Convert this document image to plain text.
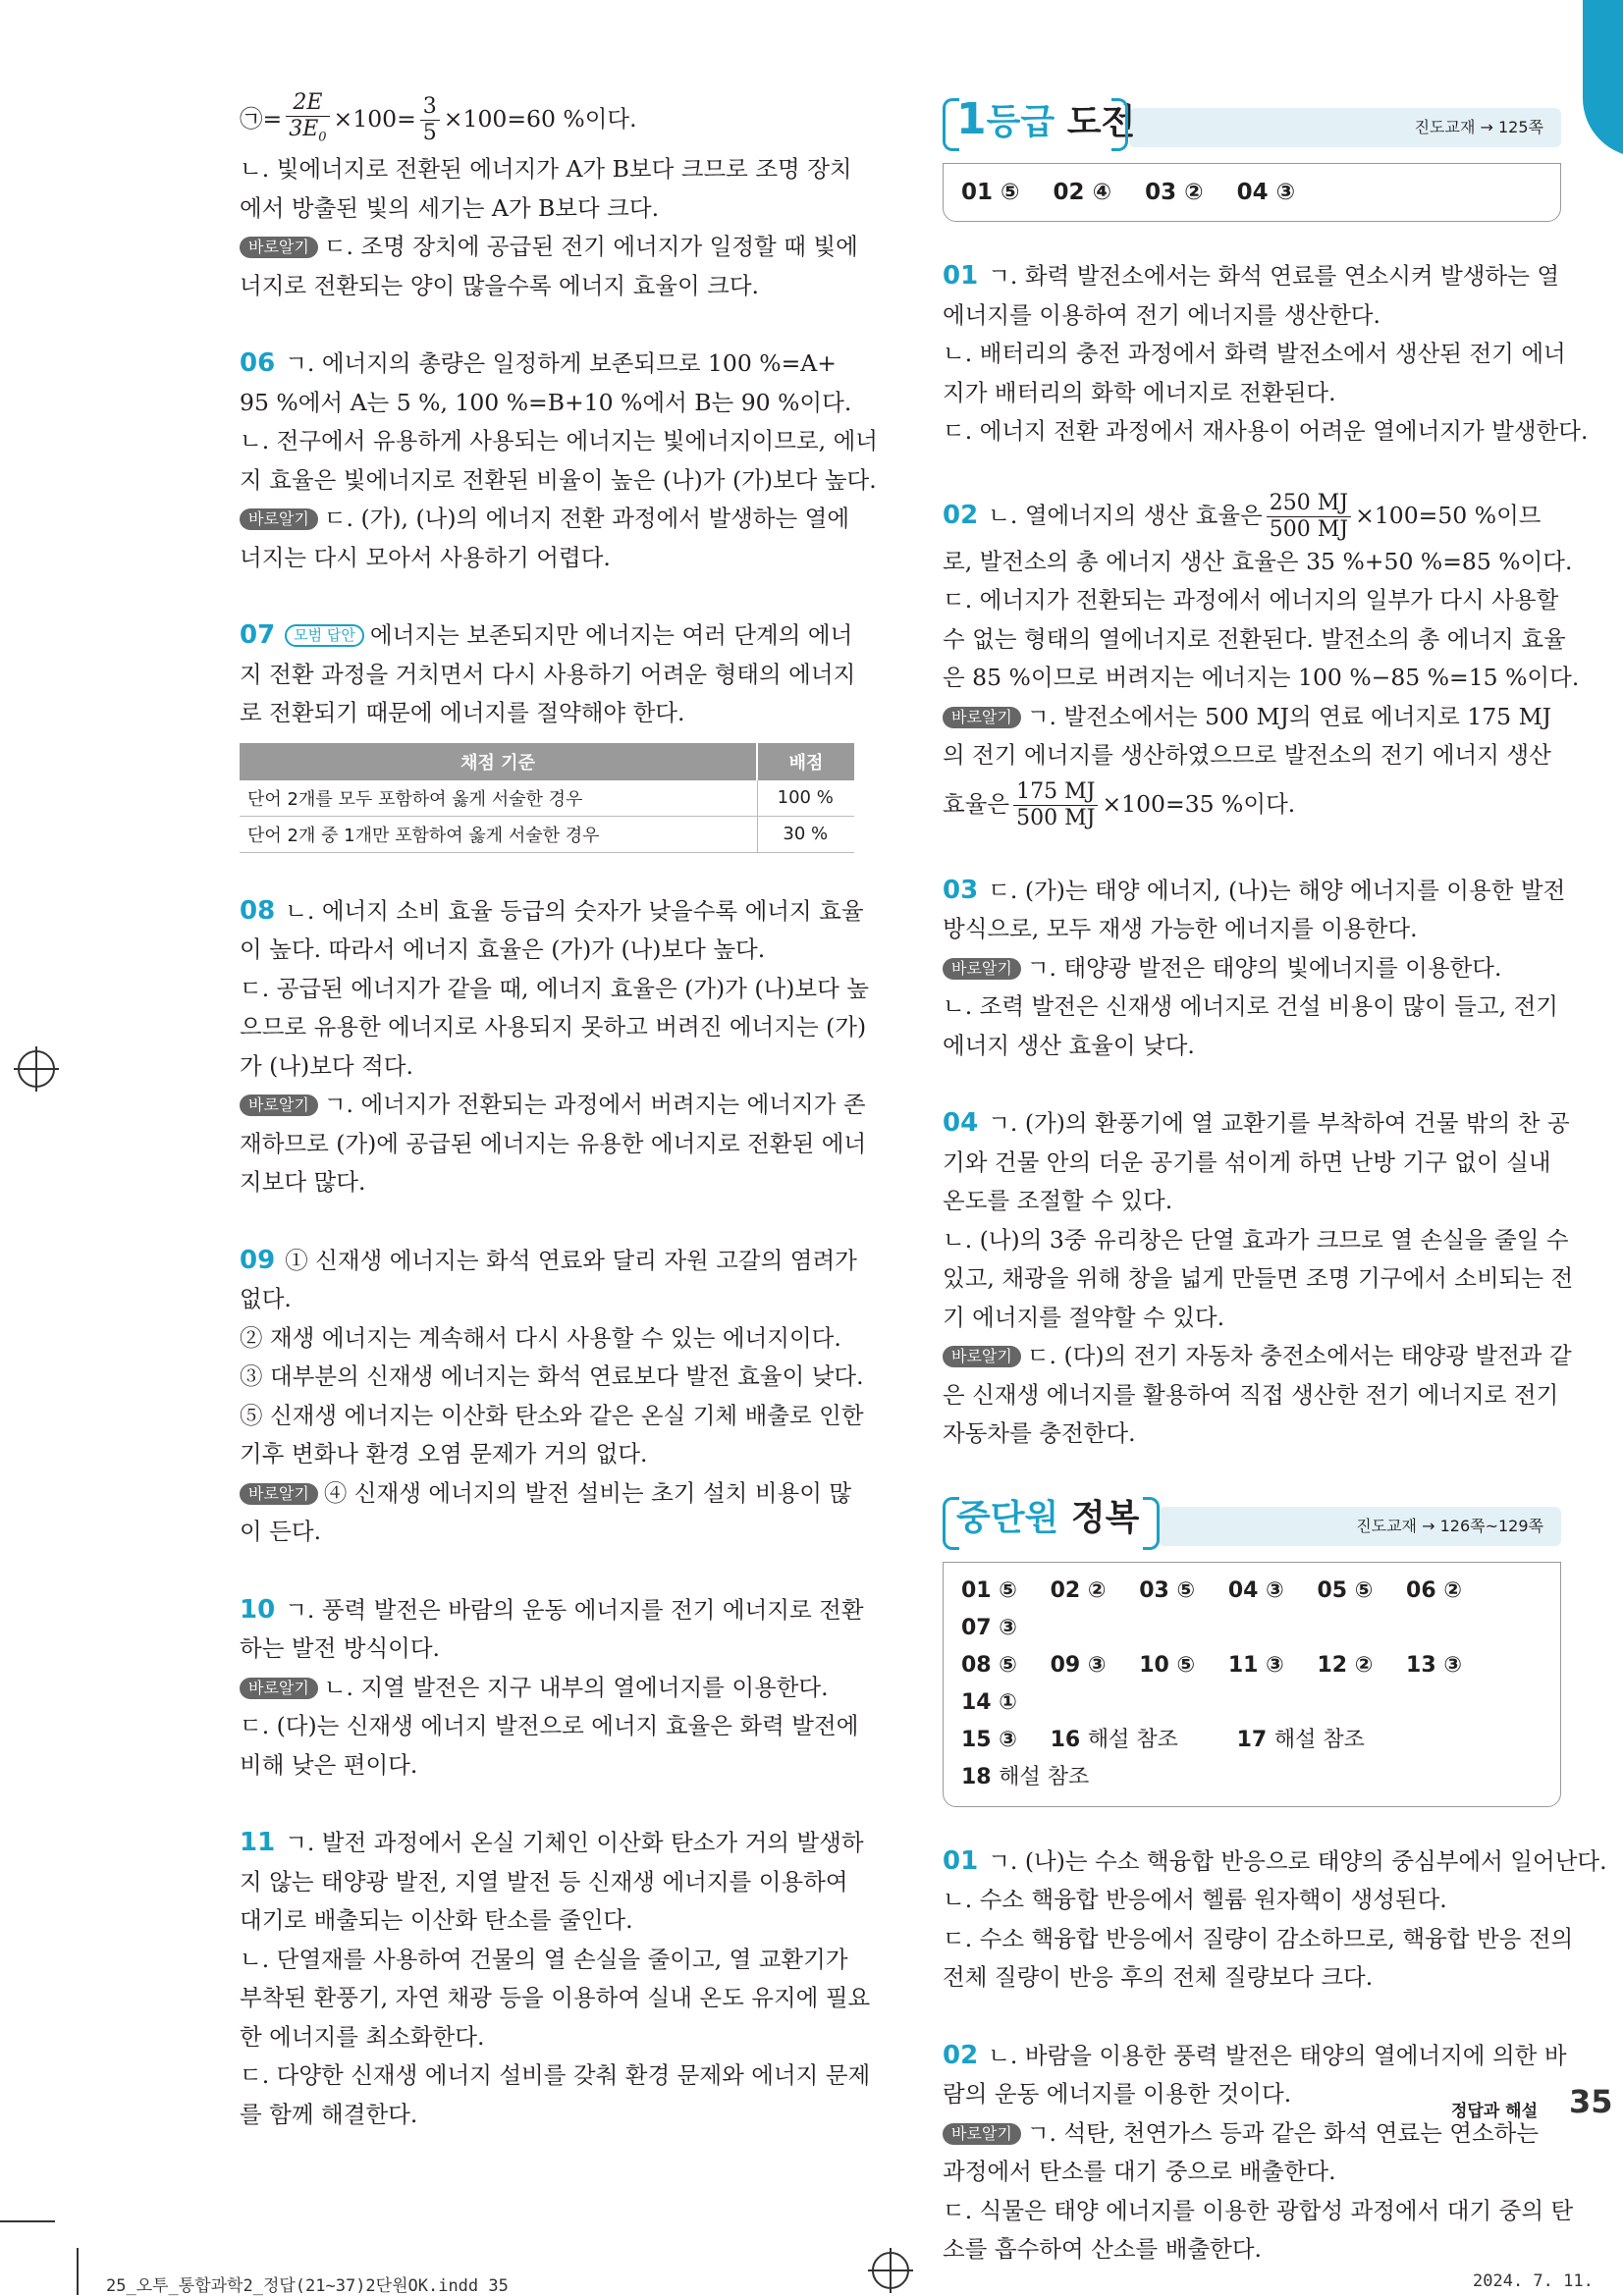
㉠= $\frac{2E}{3E_0} \times 100= \frac{3}{5} \times 100=60$ %이다.

ㄴ. 빛에너지로 전환된 에너지가 A가 B보다 크므로 조명 장치

에서 방출된 빛의 세기는 A가 B보다 크다.

바로알기 ㄷ. 조명 장치에 공급된 전기 에너지가 일정할 때 빛에

너지로 전환되는 양이 많을수록 에너지 효율이 크다.

06 ㄱ. 에너지의 총량은 일정하게 보존되므로 100 %=A+

95 %에서 A는 5 %, 100 %=B+10 %에서 B는 90 %이다.

ㄴ. 전구에서 유용하게 사용되는 에너지는 빛에너지이므로, 에너

지 효율은 빛에너지로 전환된 비율이 높은 (나)가 (가)보다 높다.

바로알기 ㄷ. (가), (나)의 에너지 전환 과정에서 발생하는 열에

너지는 다시 모아서 사용하기 어렵다.

07 모범 답안 에너지는 보존되지만 에너지는 여러 단계의 에너

지 전환 과정을 거치면서 다시 사용하기 어려운 형태의 에너지

로 전환되기 때문에 에너지를 절약해야 한다.

채점 기준	배점
단어 2개를 모두 포함하여 옳게 서술한 경우	100 %
단어 2개 중 1개만 포함하여 옳게 서술한 경우	30 %

08 ㄴ. 에너지 소비 효율 등급의 숫자가 낮을수록 에너지 효율

이 높다. 따라서 에너지 효율은 (가)가 (나)보다 높다.

ㄷ. 공급된 에너지가 같을 때, 에너지 효율은 (가)가 (나)보다 높

으므로 유용한 에너지로 사용되지 못하고 버려진 에너지는 (가)

가 (나)보다 적다.

바로알기 ㄱ. 에너지가 전환되는 과정에서 버려지는 에너지가 존

재하므로 (가)에 공급된 에너지는 유용한 에너지로 전환된 에너

지보다 많다.

09 ① 신재생 에너지는 화석 연료와 달리 자원 고갈의 염려가

없다.

② 재생 에너지는 계속해서 다시 사용할 수 있는 에너지이다.

③ 대부분의 신재생 에너지는 화석 연료보다 발전 효율이 낮다.

⑤ 신재생 에너지는 이산화 탄소와 같은 온실 기체 배출로 인한

기후 변화나 환경 오염 문제가 거의 없다.

바로알기 ④ 신재생 에너지의 발전 설비는 초기 설치 비용이 많

이 든다.

10 ㄱ. 풍력 발전은 바람의 운동 에너지를 전기 에너지로 전환

하는 발전 방식이다.

바로알기 ㄴ. 지열 발전은 지구 내부의 열에너지를 이용한다.

ㄷ. (다)는 신재생 에너지 발전으로 에너지 효율은 화력 발전에

비해 낮은 편이다.

11 ㄱ. 발전 과정에서 온실 기체인 이산화 탄소가 거의 발생하

지 않는 태양광 발전, 지열 발전 등 신재생 에너지를 이용하여

대기로 배출되는 이산화 탄소를 줄인다.

ㄴ. 단열재를 사용하여 건물의 열 손실을 줄이고, 열 교환기가

부착된 환풍기, 자연 채광 등을 이용하여 실내 온도 유지에 필요

한 에너지를 최소화한다.

ㄷ. 다양한 신재생 에너지 설비를 갖춰 환경 문제와 에너지 문제

를 함께 해결한다.

진도교재 → 125쪽
1등급 도전
01 ⑤ 02 ④ 03 ② 04 ③

01 ㄱ. 화력 발전소에서는 화석 연료를 연소시켜 발생하는 열

에너지를 이용하여 전기 에너지를 생산한다.

ㄴ. 배터리의 충전 과정에서 화력 발전소에서 생산된 전기 에너

지가 배터리의 화학 에너지로 전환된다.

ㄷ. 에너지 전환 과정에서 재사용이 어려운 열에너지가 발생한다.

02 ㄴ. 열에너지의 생산 효율은 $\frac{250 MJ}{500 MJ} \times 100=50$ %이므

로, 발전소의 총 에너지 생산 효율은 35 %+50 %=85 %이다.

ㄷ. 에너지가 전환되는 과정에서 에너지의 일부가 다시 사용할

수 없는 형태의 열에너지로 전환된다. 발전소의 총 에너지 효율

은 85 %이므로 버려지는 에너지는 100 %−85 %=15 %이다.

바로알기 ㄱ. 발전소에서는 500 MJ의 연료 에너지로 175 MJ

의 전기 에너지를 생산하였으므로 발전소의 전기 에너지 생산

효율은 $\frac{175 MJ}{500 MJ} \times 100=35$ %이다.

03 ㄷ. (가)는 태양 에너지, (나)는 해양 에너지를 이용한 발전

방식으로, 모두 재생 가능한 에너지를 이용한다.

바로알기 ㄱ. 태양광 발전은 태양의 빛에너지를 이용한다.

ㄴ. 조력 발전은 신재생 에너지로 건설 비용이 많이 들고, 전기

에너지 생산 효율이 낮다.

04 ㄱ. (가)의 환풍기에 열 교환기를 부착하여 건물 밖의 찬 공

기와 건물 안의 더운 공기를 섞이게 하면 난방 기구 없이 실내

온도를 조절할 수 있다.

ㄴ. (나)의 3중 유리창은 단열 효과가 크므로 열 손실을 줄일 수

있고, 채광을 위해 창을 넓게 만들면 조명 기구에서 소비되는 전

기 에너지를 절약할 수 있다.

바로알기 ㄷ. (다)의 전기 자동차 충전소에서는 태양광 발전과 같

은 신재생 에너지를 활용하여 직접 생산한 전기 에너지로 전기

자동차를 충전한다.

진도교재 → 126쪽~129쪽
중단원 정복
01 ⑤ 02 ② 03 ⑤ 04 ③ 05 ⑤ 06 ② 07 ③
08 ⑤ 09 ③ 10 ⑤ 11 ③ 12 ② 13 ③ 14 ①
15 ③ 16 해설 참조	17 해설 참조 18 해설 참조

01 ㄱ. (나)는 수소 핵융합 반응으로 태양의 중심부에서 일어난다.

ㄴ. 수소 핵융합 반응에서 헬륨 원자핵이 생성된다.

ㄷ. 수소 핵융합 반응에서 질량이 감소하므로, 핵융합 반응 전의

전체 질량이 반응 후의 전체 질량보다 크다.

02 ㄴ. 바람을 이용한 풍력 발전은 태양의 열에너지에 의한 바

람의 운동 에너지를 이용한 것이다.

바로알기 ㄱ. 석탄, 천연가스 등과 같은 화석 연료는 연소하는

과정에서 탄소를 대기 중으로 배출한다.

ㄷ. 식물은 태양 에너지를 이용한 광합성 과정에서 대기 중의 탄

소를 흡수하여 산소를 배출한다.

정답과 해설 35
25_오투_통합과학2_정답(21~37)2단원OK.indd 35	2024. 7. 11.
